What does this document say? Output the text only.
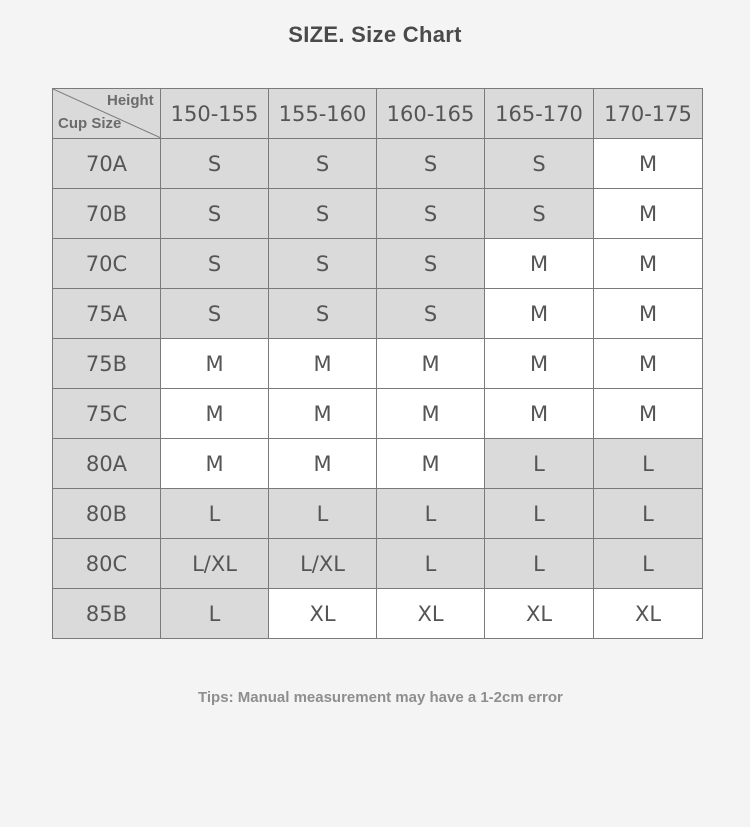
SIZE. Size Chart
Height
Cup Size	150-155	155-160	160-165	165-170	170-175
70A	S	S	S	S	M
70B	S	S	S	S	M
70C	S	S	S	M	M
75A	S	S	S	M	M
75B	M	M	M	M	M
75C	M	M	M	M	M
80A	M	M	M	L	L
80B	L	L	L	L	L
80C	L/XL	L/XL	L	L	L
85B	L	XL	XL	XL	XL
Tips: Manual measurement may have a 1-2cm error
